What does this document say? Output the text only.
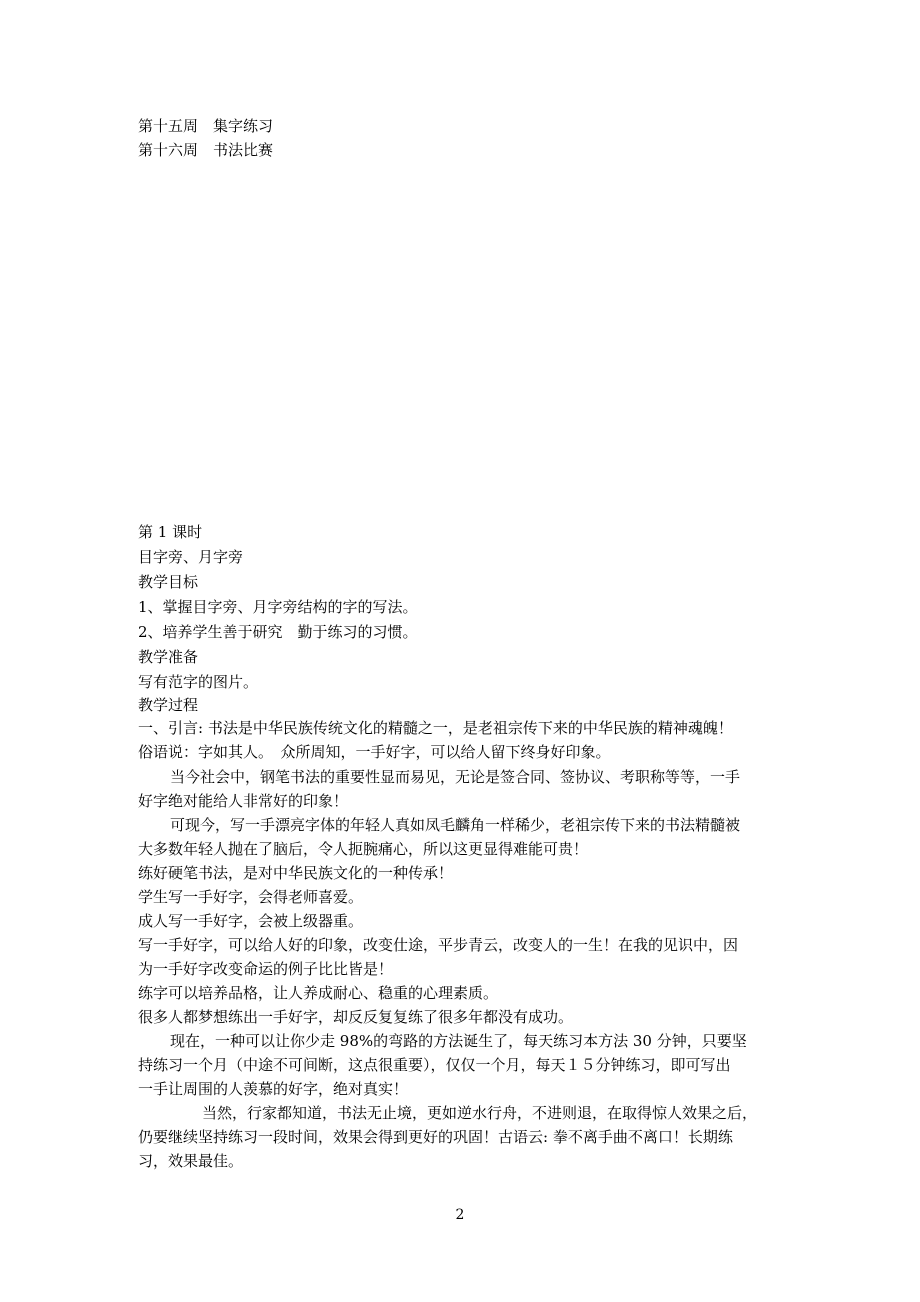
第十五周　集字练习
第十六周　书法比赛
第 1 课时
目字旁、月字旁
教学目标
1、掌握目字旁、月字旁结构的字的写法。
2、培养学生善于研究　勤于练习的习惯。
教学准备
写有范字的图片。
教学过程
一、引言: 书法是中华民族传统文化的精髓之一，是老祖宗传下来的中华民族的精神魂魄！
俗语说：字如其人。　众所周知，一手好字，可以给人留下终身好印象。
当今社会中，钢笔书法的重要性显而易见，无论是签合同、签协议、考职称等等，一手
好字绝对能给人非常好的印象！
可现今，写一手漂亮字体的年轻人真如凤毛麟角一样稀少，老祖宗传下来的书法精髓被
大多数年轻人抛在了脑后，令人扼腕痛心，所以这更显得难能可贵！
练好硬笔书法，是对中华民族文化的一种传承！
学生写一手好字，会得老师喜爱。
成人写一手好字，会被上级器重。
写一手好字，可以给人好的印象，改变仕途，平步青云，改变人的一生！在我的见识中，因
为一手好字改变命运的例子比比皆是！
练字可以培养品格，让人养成耐心、稳重的心理素质。
很多人都梦想练出一手好字，却反反复复练了很多年都没有成功。
现在，一种可以让你少走 98%的弯路的方法诞生了，每天练习本方法 30 分钟，只要坚
持练习一个月（中途不可间断，这点很重要），仅仅一个月，每天１５分钟练习，即可写出
一手让周围的人羡慕的好字，绝对真实！
当然，行家都知道，书法无止境，更如逆水行舟，不进则退，在取得惊人效果之后，
仍要继续坚持练习一段时间，效果会得到更好的巩固！古语云: 拳不离手曲不离口！长期练
习，效果最佳。
2
